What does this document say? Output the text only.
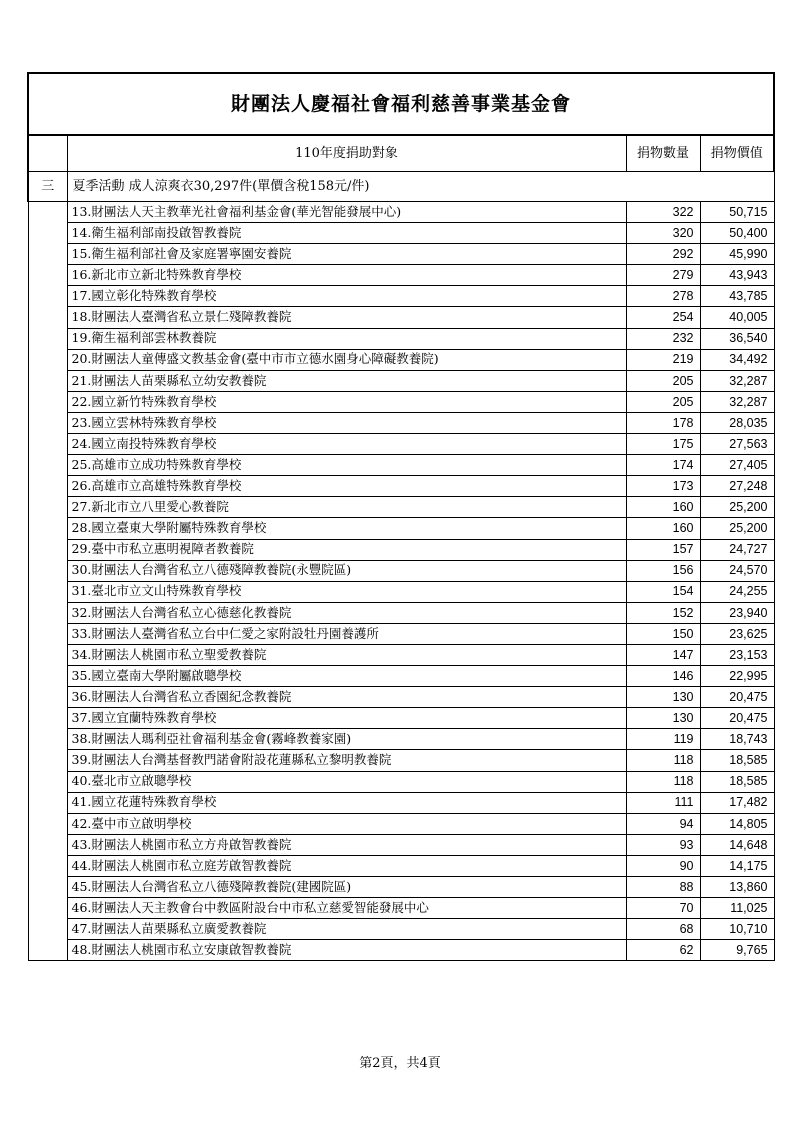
財團法人慶福社會福利慈善事業基金會			
	110年度捐助對象	捐物數量	捐物價值
三	夏季活動 成人涼爽衣30,297件(單價含稅158元/件)		
	13.財團法人天主教華光社會福利基金會(華光智能發展中心)	322	50,715
	14.衛生福利部南投啟智教養院	320	50,400
	15.衛生福利部社會及家庭署寧園安養院	292	45,990
	16.新北市立新北特殊教育學校	279	43,943
	17.國立彰化特殊教育學校	278	43,785
	18.財團法人臺灣省私立景仁殘障教養院	254	40,005
	19.衛生福利部雲林教養院	232	36,540
	20.財團法人童傳盛文教基金會(臺中市市立德水園身心障礙教養院)	219	34,492
	21.財團法人苗栗縣私立幼安教養院	205	32,287
	22.國立新竹特殊教育學校	205	32,287
	23.國立雲林特殊教育學校	178	28,035
	24.國立南投特殊教育學校	175	27,563
	25.高雄市立成功特殊教育學校	174	27,405
	26.高雄市立高雄特殊教育學校	173	27,248
	27.新北市立八里愛心教養院	160	25,200
	28.國立臺東大學附屬特殊教育學校	160	25,200
	29.臺中市私立惠明視障者教養院	157	24,727
	30.財團法人台灣省私立八德殘障教養院(永豐院區)	156	24,570
	31.臺北市立文山特殊教育學校	154	24,255
	32.財團法人台灣省私立心德慈化教養院	152	23,940
	33.財團法人臺灣省私立台中仁愛之家附設牡丹園養護所	150	23,625
	34.財團法人桃園市私立聖愛教養院	147	23,153
	35.國立臺南大學附屬啟聰學校	146	22,995
	36.財團法人台灣省私立香園紀念教養院	130	20,475
	37.國立宜蘭特殊教育學校	130	20,475
	38.財團法人瑪利亞社會福利基金會(霧峰教養家園)	119	18,743
	39.財團法人台灣基督教門諾會附設花蓮縣私立黎明教養院	118	18,585
	40.臺北市立啟聰學校	118	18,585
	41.國立花蓮特殊教育學校	111	17,482
	42.臺中市立啟明學校	94	14,805
	43.財團法人桃園市私立方舟啟智教養院	93	14,648
	44.財團法人桃園市私立庭芳啟智教養院	90	14,175
	45.財團法人台灣省私立八德殘障教養院(建國院區)	88	13,860
	46.財團法人天主教會台中教區附設台中市私立慈愛智能發展中心	70	11,025
	47.財團法人苗栗縣私立廣愛教養院	68	10,710
	48.財團法人桃園市私立安康啟智教養院	62	9,765
第2頁，共4頁
